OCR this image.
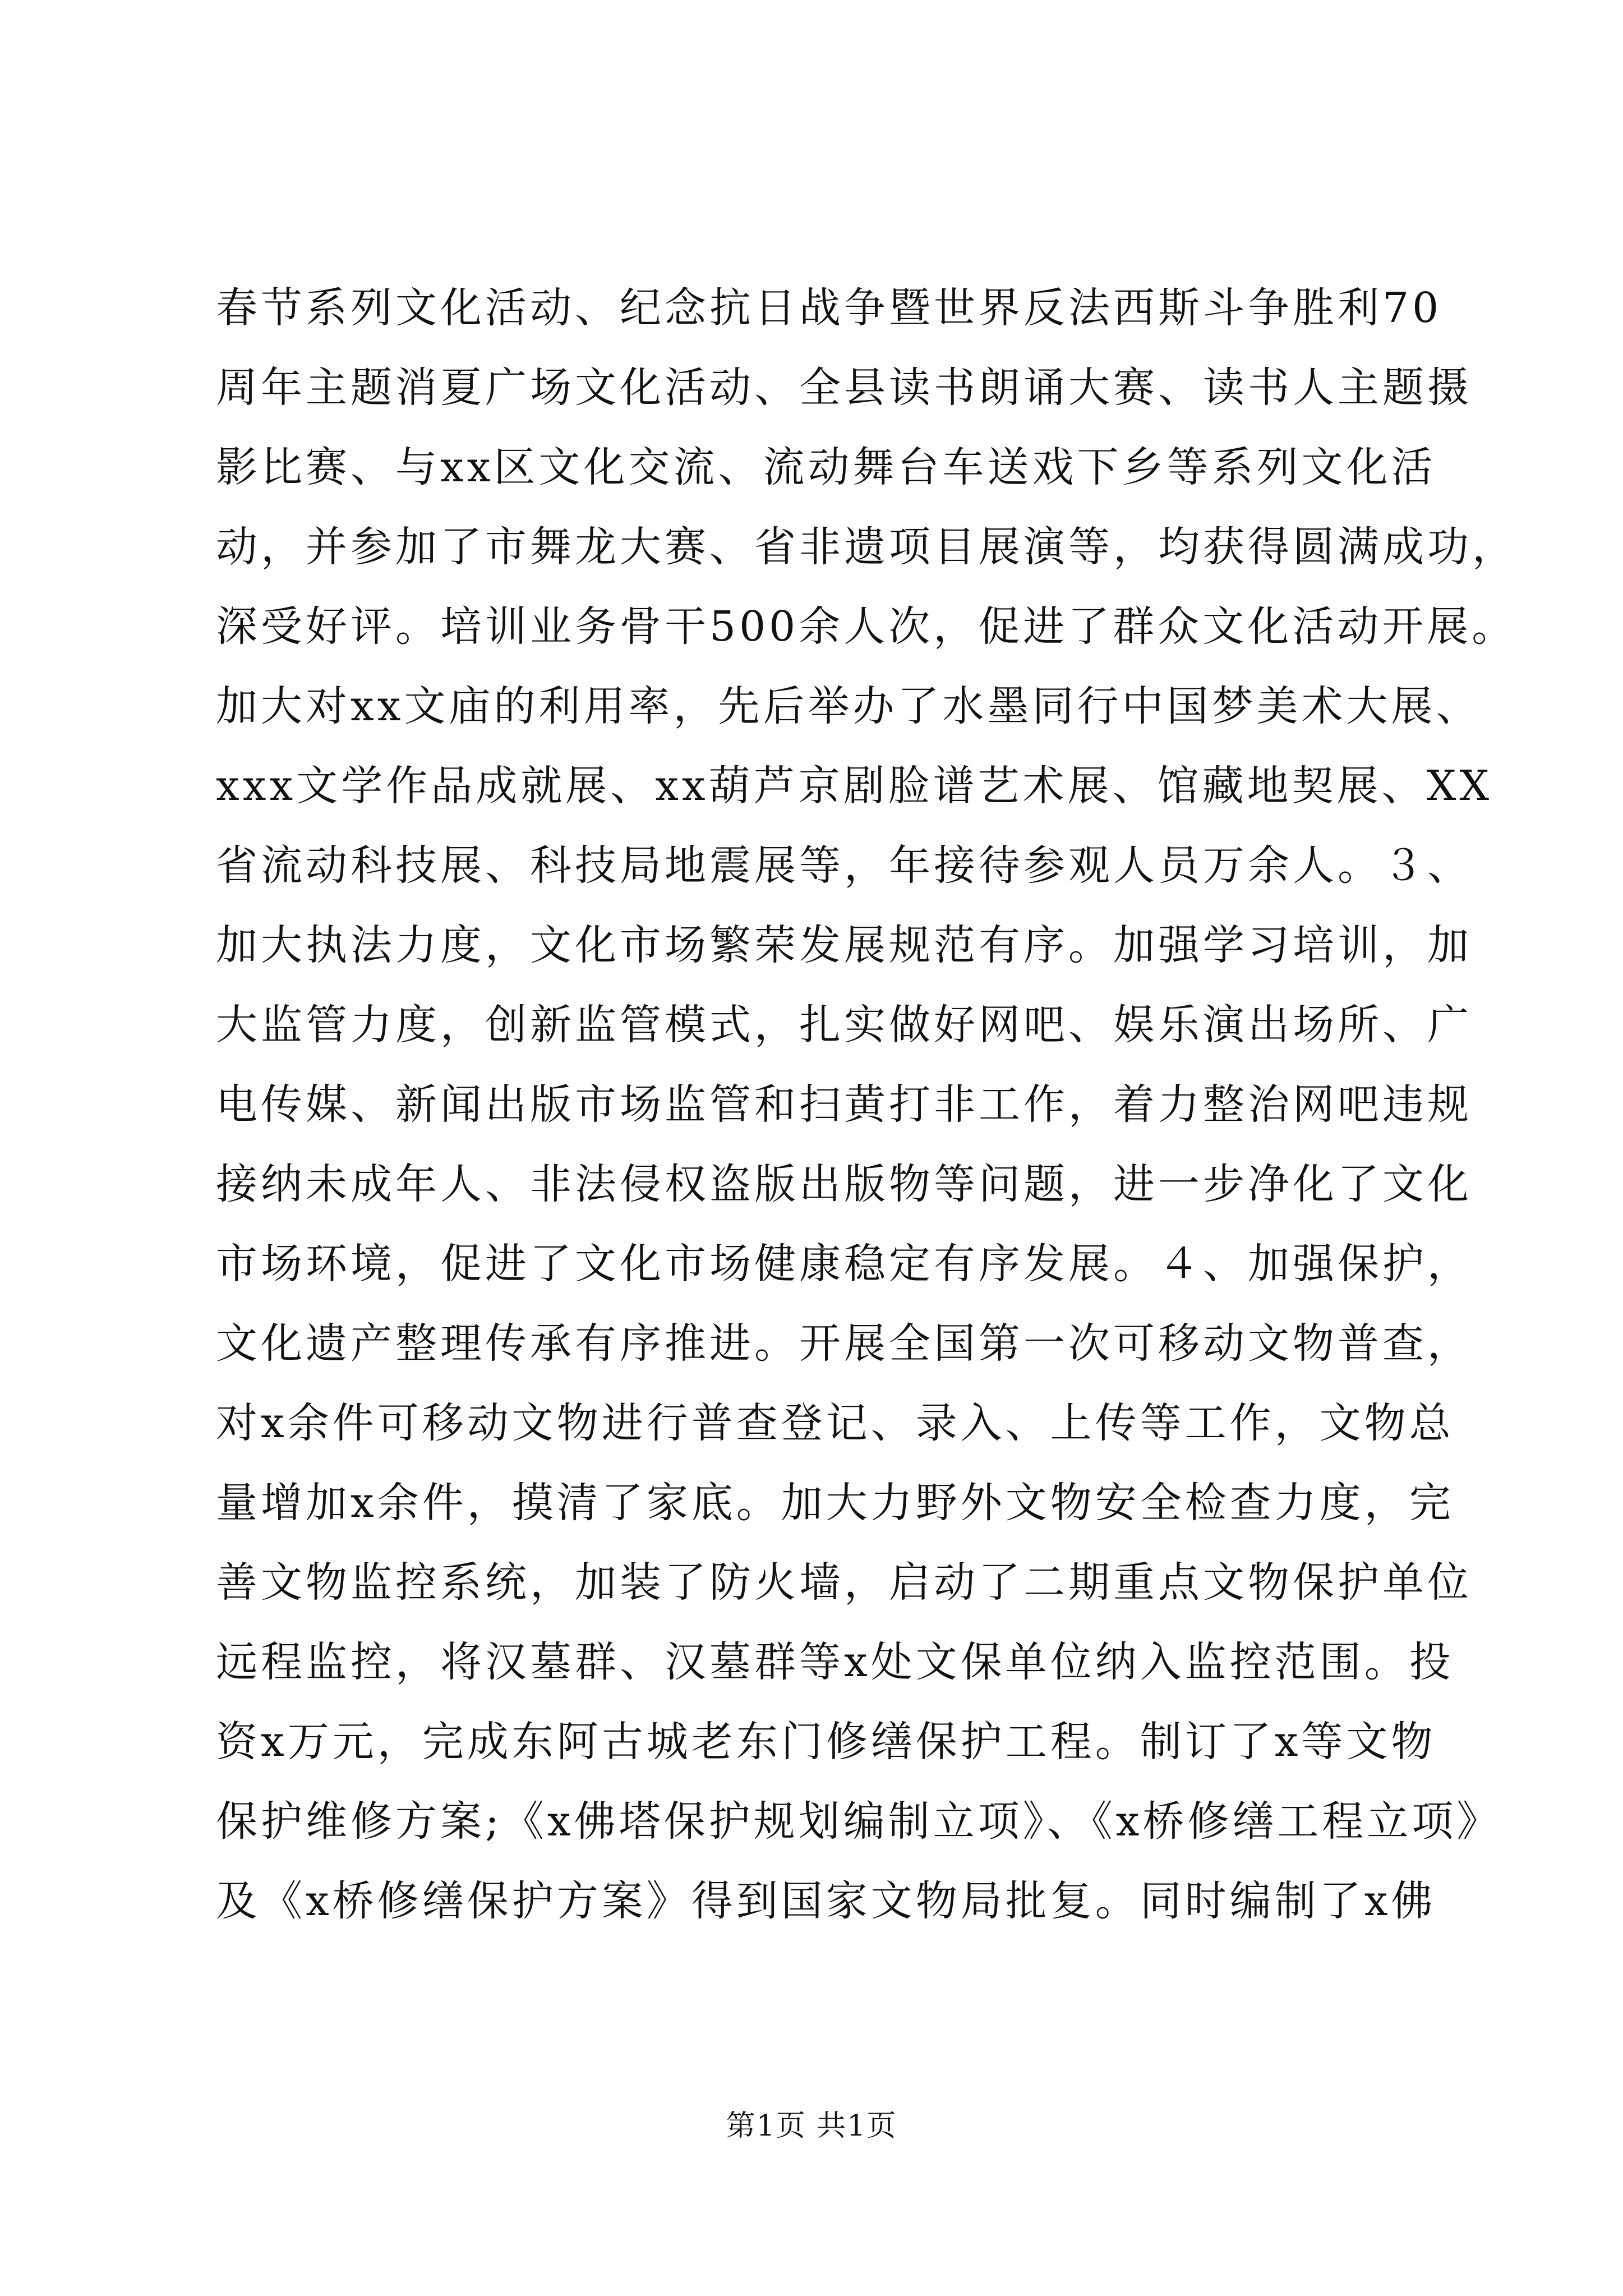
春节系列文化活动、纪念抗日战争暨世界反法西斯斗争胜利70
周年主题消夏广场文化活动、全县读书朗诵大赛、读书人主题摄
影比赛、与xx区文化交流、流动舞台车送戏下乡等系列文化活
动，并参加了市舞龙大赛、省非遗项目展演等，均获得圆满成功，
深受好评。培训业务骨干500余人次，促进了群众文化活动开展。
加大对xx文庙的利用率，先后举办了水墨同行中国梦美术大展、
xxx文学作品成就展、xx葫芦京剧脸谱艺术展、馆藏地契展、XX
省流动科技展、科技局地震展等，年接待参观人员万余人。３、
加大执法力度，文化市场繁荣发展规范有序。加强学习培训，加
大监管力度，创新监管模式，扎实做好网吧、娱乐演出场所、广
电传媒、新闻出版市场监管和扫黄打非工作，着力整治网吧违规
接纳未成年人、非法侵权盗版出版物等问题，进一步净化了文化
市场环境，促进了文化市场健康稳定有序发展。４、加强保护，
文化遗产整理传承有序推进。开展全国第一次可移动文物普查，
对x余件可移动文物进行普查登记、录入、上传等工作，文物总
量增加x余件，摸清了家底。加大力野外文物安全检查力度，完
善文物监控系统，加装了防火墙，启动了二期重点文物保护单位
远程监控，将汉墓群、汉墓群等x处文保单位纳入监控范围。投
资x万元，完成东阿古城老东门修缮保护工程。制订了x等文物
保护维修方案;《x佛塔保护规划编制立项》、《x桥修缮工程立项》
及《x桥修缮保护方案》得到国家文物局批复。同时编制了x佛
第1页 共1页
